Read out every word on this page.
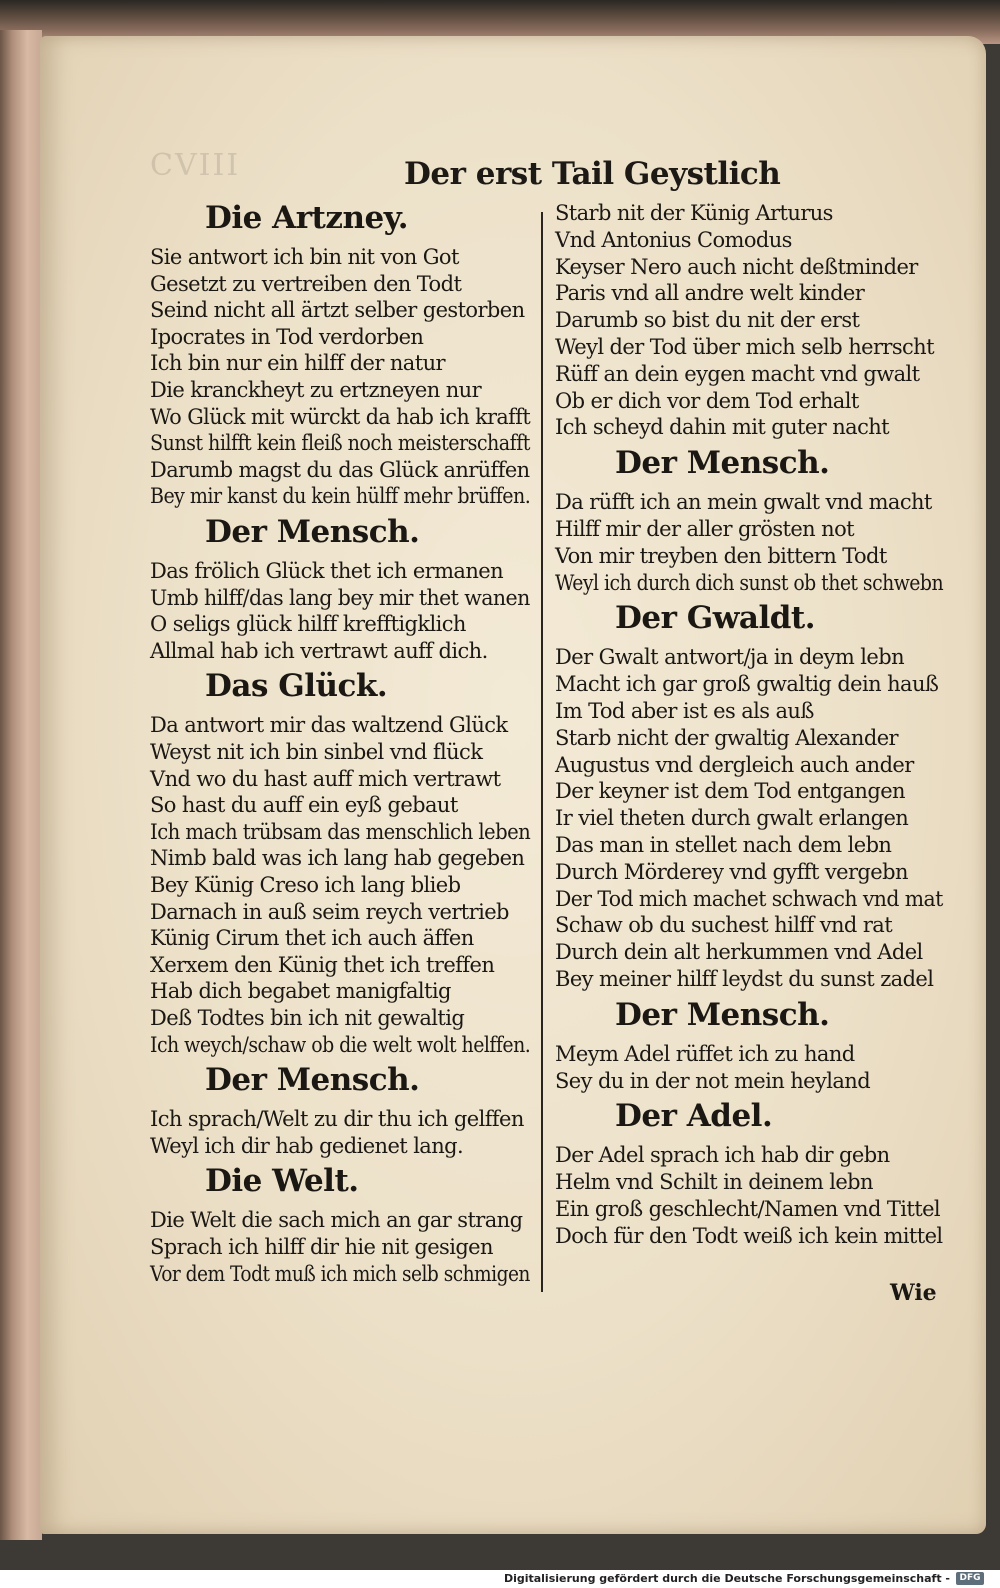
CVIII	Der erst Tail Geystlich
Die Artzney.
Sie antwort ich bin nit von Got
Gesetzt zu vertreiben den Todt
Seind nicht all ärtzt selber gestorben
Ipocrates in Tod verdorben
Ich bin nur ein hilff der natur
Die kranckheyt zu ertzneyen nur
Wo Glück mit würckt da hab ich krafft
Sunst hilfft kein fleiß noch meisterschafft
Darumb magst du das Glück anrüffen
Bey mir kanst du kein hülff mehr brüffen.
Der Mensch.
Das frölich Glück thet ich ermanen
Umb hilff/das lang bey mir thet wanen
O seligs glück hilff krefftigklich
Allmal hab ich vertrawt auff dich.
Das Glück.
Da antwort mir das waltzend Glück
Weyst nit ich bin sinbel vnd flück
Vnd wo du hast auff mich vertrawt
So hast du auff ein eyß gebaut
Ich mach trübsam das menschlich leben
Nimb bald was ich lang hab gegeben
Bey Künig Creso ich lang blieb
Darnach in auß seim reych vertrieb
Künig Cirum thet ich auch äffen
Xerxem den Künig thet ich treffen
Hab dich begabet manigfaltig
Deß Todtes bin ich nit gewaltig
Ich weych/schaw ob die welt wolt helffen.
Der Mensch.
Ich sprach/Welt zu dir thu ich gelffen
Weyl ich dir hab gedienet lang.
Die Welt.
Die Welt die sach mich an gar strang
Sprach ich hilff dir hie nit gesigen
Vor dem Todt muß ich mich selb schmigen
Starb nit der Künig Arturus
Vnd Antonius Comodus
Keyser Nero auch nicht deßtminder
Paris vnd all andre welt kinder
Darumb so bist du nit der erst
Weyl der Tod über mich selb herrscht
Rüff an dein eygen macht vnd gwalt
Ob er dich vor dem Tod erhalt
Ich scheyd dahin mit guter nacht
Der Mensch.
Da rüfft ich an mein gwalt vnd macht
Hilff mir der aller grösten not
Von mir treyben den bittern Todt
Weyl ich durch dich sunst ob thet schwebn
Der Gwaldt.
Der Gwalt antwort/ja in deym lebn
Macht ich gar groß gwaltig dein hauß
Im Tod aber ist es als auß
Starb nicht der gwaltig Alexander
Augustus vnd dergleich auch ander
Der keyner ist dem Tod entgangen
Ir viel theten durch gwalt erlangen
Das man in stellet nach dem lebn
Durch Mörderey vnd gyfft vergebn
Der Tod mich machet schwach vnd mat
Schaw ob du suchest hilff vnd rat
Durch dein alt herkummen vnd Adel
Bey meiner hilff leydst du sunst zadel
Der Mensch.
Meym Adel rüffet ich zu hand
Sey du in der not mein heyland
Der Adel.
Der Adel sprach ich hab dir gebn
Helm vnd Schilt in deinem lebn
Ein groß geschlecht/Namen vnd Tittel
Doch für den Todt weiß ich kein mittel
Wie
Digitalisierung gefördert durch die Deutsche Forschungsgemeinschaft -	DFG
